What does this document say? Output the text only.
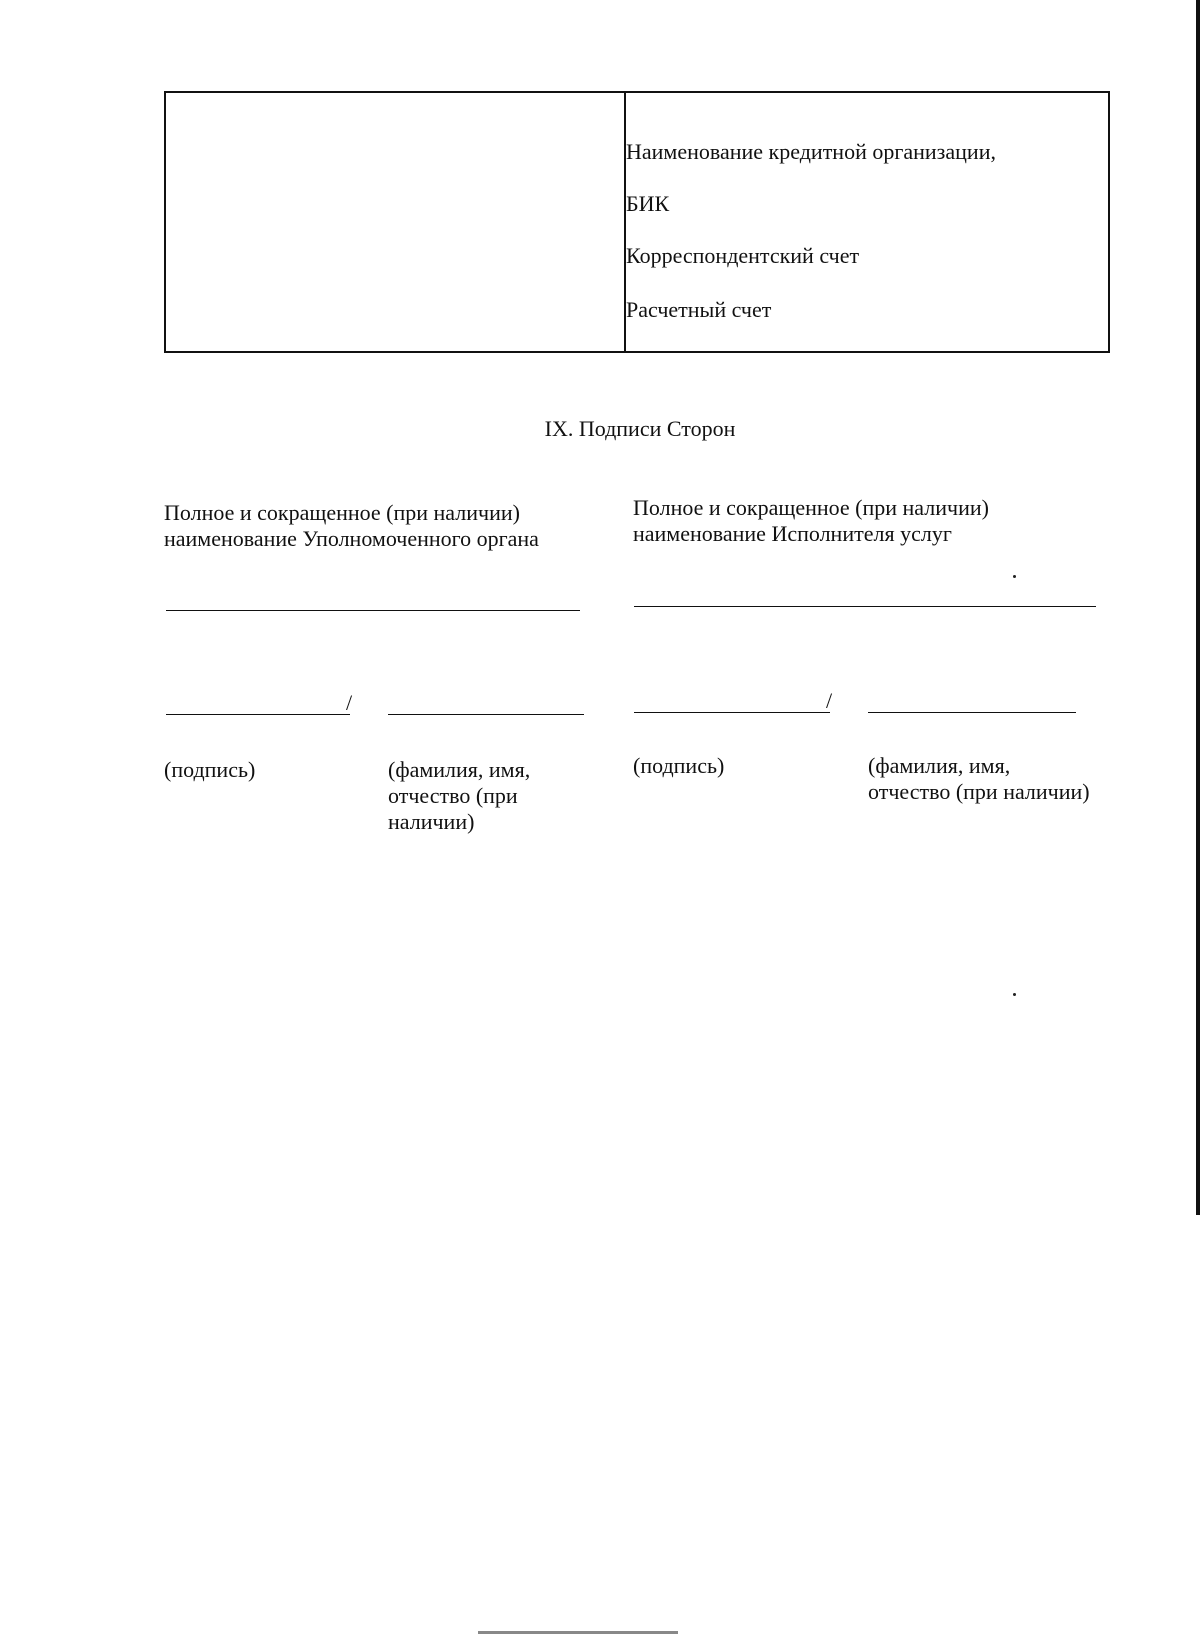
Наименование кредитной организации,
БИК
Корреспондентский счет
Расчетный счет
IX. Подписи Сторон
Полное и сокращенное (при наличии)
наименование Уполномоченного органа
/
(подпись)	(фамилия, имя,
отчество (при
наличии)
Полное и сокращенное (при наличии)
наименование Исполнителя услуг
/
(подпись)	(фамилия, имя,
отчество (при наличии)
